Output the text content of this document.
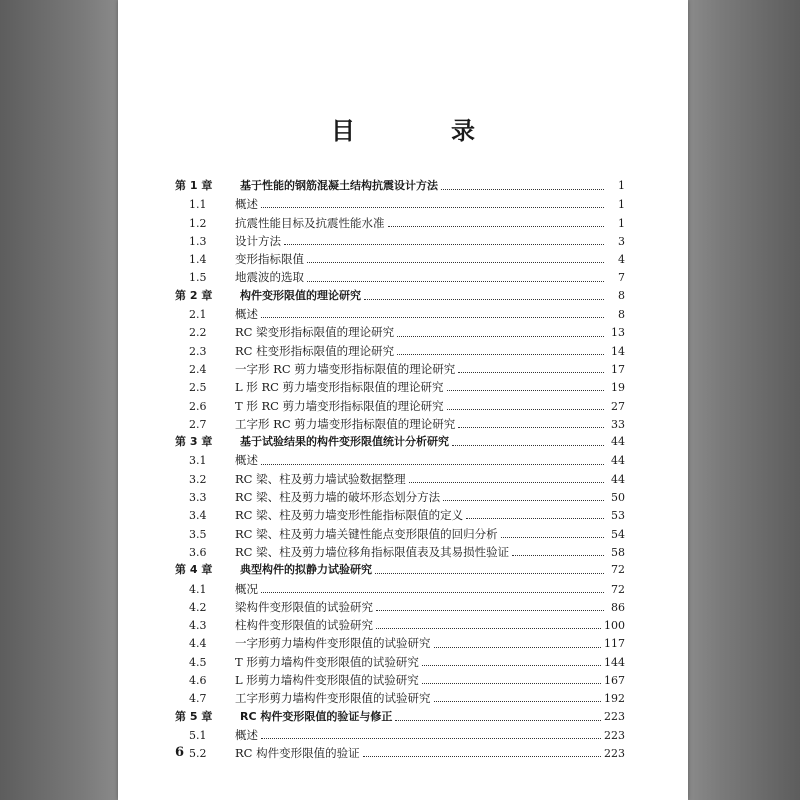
目　录
第 1 章	基于性能的钢筋混凝土结构抗震设计方法	1
1.1	概述	1
1.2	抗震性能目标及抗震性能水准	1
1.3	设计方法	3
1.4	变形指标限值	4
1.5	地震波的选取	7
第 2 章	构件变形限值的理论研究	8
2.1	概述	8
2.2	RC 梁变形指标限值的理论研究	13
2.3	RC 柱变形指标限值的理论研究	14
2.4	一字形 RC 剪力墙变形指标限值的理论研究	17
2.5	L 形 RC 剪力墙变形指标限值的理论研究	19
2.6	T 形 RC 剪力墙变形指标限值的理论研究	27
2.7	工字形 RC 剪力墙变形指标限值的理论研究	33
第 3 章	基于试验结果的构件变形限值统计分析研究	44
3.1	概述	44
3.2	RC 梁、柱及剪力墙试验数据整理	44
3.3	RC 梁、柱及剪力墙的破坏形态划分方法	50
3.4	RC 梁、柱及剪力墙变形性能指标限值的定义	53
3.5	RC 梁、柱及剪力墙关键性能点变形限值的回归分析	54
3.6	RC 梁、柱及剪力墙位移角指标限值表及其易损性验证	58
第 4 章	典型构件的拟静力试验研究	72
4.1	概况	72
4.2	梁构件变形限值的试验研究	86
4.3	柱构件变形限值的试验研究	100
4.4	一字形剪力墙构件变形限值的试验研究	117
4.5	T 形剪力墙构件变形限值的试验研究	144
4.6	L 形剪力墙构件变形限值的试验研究	167
4.7	工字形剪力墙构件变形限值的试验研究	192
第 5 章	RC 构件变形限值的验证与修正	223
5.1	概述	223
5.2	RC 构件变形限值的验证	223
6
